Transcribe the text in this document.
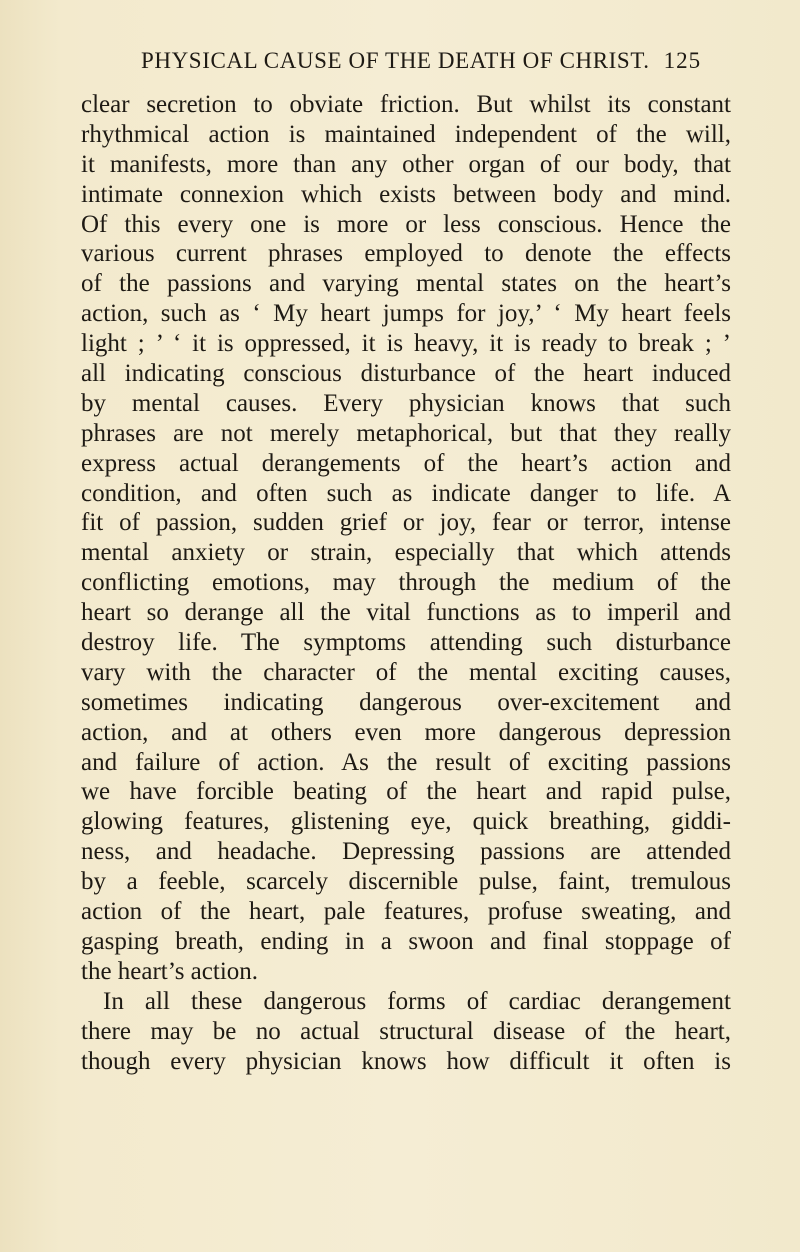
PHYSICAL CAUSE OF THE DEATH OF CHRIST. 125
clear secretion to obviate friction. But whilst its constant
rhythmical action is maintained independent of the will,
it manifests, more than any other organ of our body, that
intimate connexion which exists between body and mind.
Of this every one is more or less conscious. Hence the
various current phrases employed to denote the effects
of the passions and varying mental states on the heart’s
action, such as ‘ My heart jumps for joy,’ ‘ My heart feels
light ; ’ ‘ it is oppressed, it is heavy, it is ready to break ; ’
all indicating conscious disturbance of the heart induced
by mental causes. Every physician knows that such
phrases are not merely metaphorical, but that they really
express actual derangements of the heart’s action and
condition, and often such as indicate danger to life. A
fit of passion, sudden grief or joy, fear or terror, intense
mental anxiety or strain, especially that which attends
conflicting emotions, may through the medium of the
heart so derange all the vital functions as to imperil and
destroy life. The symptoms attending such disturbance
vary with the character of the mental exciting causes,
sometimes indicating dangerous over-excitement and
action, and at others even more dangerous depression
and failure of action. As the result of exciting passions
we have forcible beating of the heart and rapid pulse,
glowing features, glistening eye, quick breathing, giddi-
ness, and headache. Depressing passions are attended
by a feeble, scarcely discernible pulse, faint, tremulous
action of the heart, pale features, profuse sweating, and
gasping breath, ending in a swoon and final stoppage of
the heart’s action.
In all these dangerous forms of cardiac derangement
there may be no actual structural disease of the heart,
though every physician knows how difficult it often is
